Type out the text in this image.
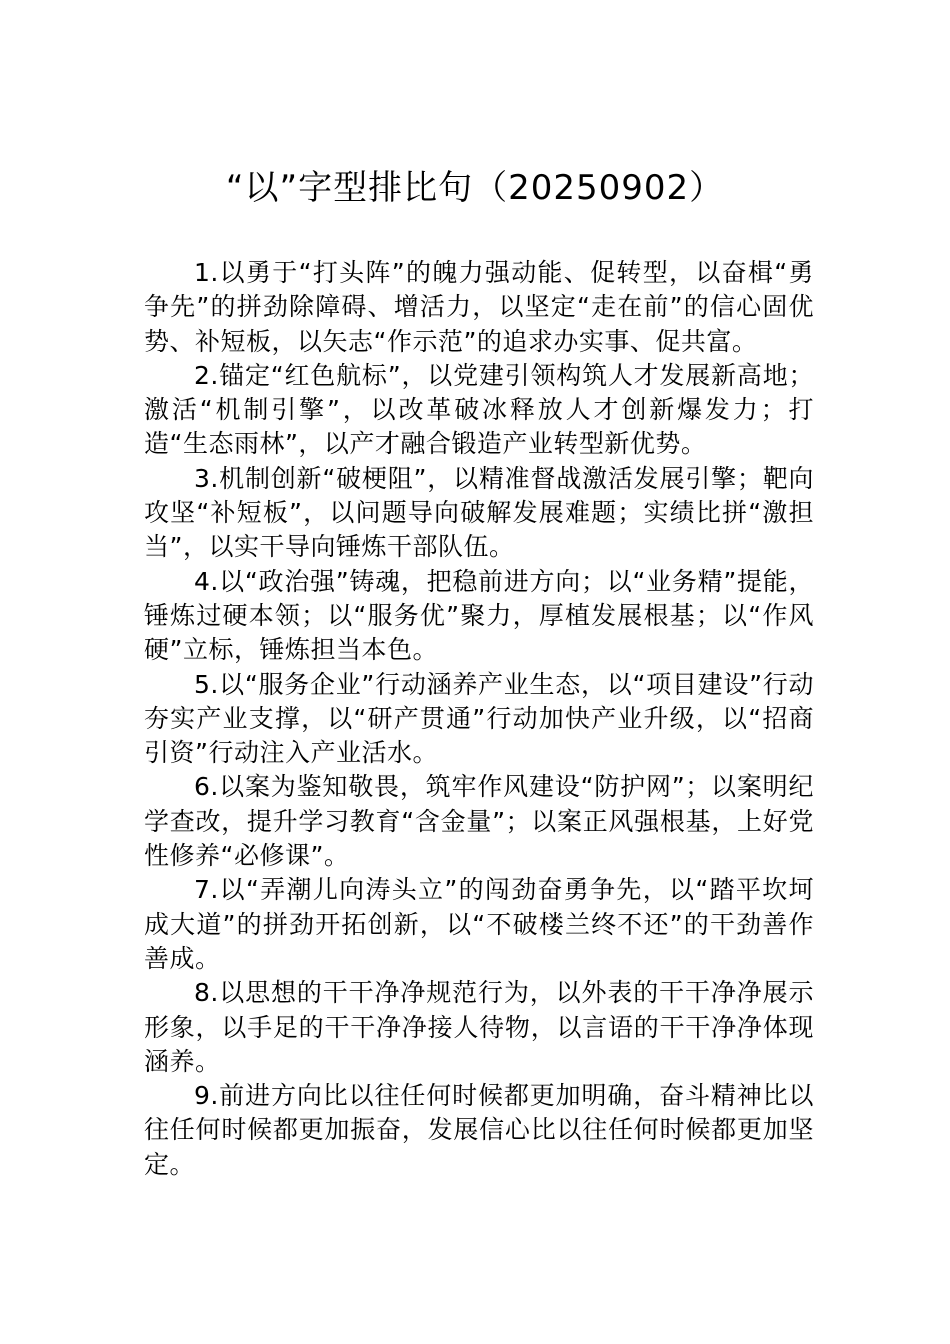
“以”字型排比句（20250902）

1.以勇于“打头阵”的魄力强动能、促转型，以奋楫“勇争先”的拼劲除障碍、增活力，以坚定“走在前”的信心固优势、补短板，以矢志“作示范”的追求办实事、促共富。

2.锚定“红色航标”，以党建引领构筑人才发展新高地；激活“机制引擎”，以改革破冰释放人才创新爆发力；打造“生态雨林”，以产才融合锻造产业转型新优势。

3.机制创新“破梗阻”，以精准督战激活发展引擎；靶向攻坚“补短板”，以问题导向破解发展难题；实绩比拼“激担当”，以实干导向锤炼干部队伍。

4.以“政治强”铸魂，把稳前进方向；以“业务精”提能，锤炼过硬本领；以“服务优”聚力，厚植发展根基；以“作风硬”立标，锤炼担当本色。

5.以“服务企业”行动涵养产业生态，以“项目建设”行动夯实产业支撑，以“研产贯通”行动加快产业升级，以“招商引资”行动注入产业活水。

6.以案为鉴知敬畏，筑牢作风建设“防护网”；以案明纪学查改，提升学习教育“含金量”；以案正风强根基，上好党性修养“必修课”。

7.以“弄潮儿向涛头立”的闯劲奋勇争先，以“踏平坎坷成大道”的拼劲开拓创新，以“不破楼兰终不还”的干劲善作善成。

8.以思想的干干净净规范行为，以外表的干干净净展示形象，以手足的干干净净接人待物，以言语的干干净净体现涵养。

9.前进方向比以往任何时候都更加明确，奋斗精神比以往任何时候都更加振奋，发展信心比以往任何时候都更加坚定。
